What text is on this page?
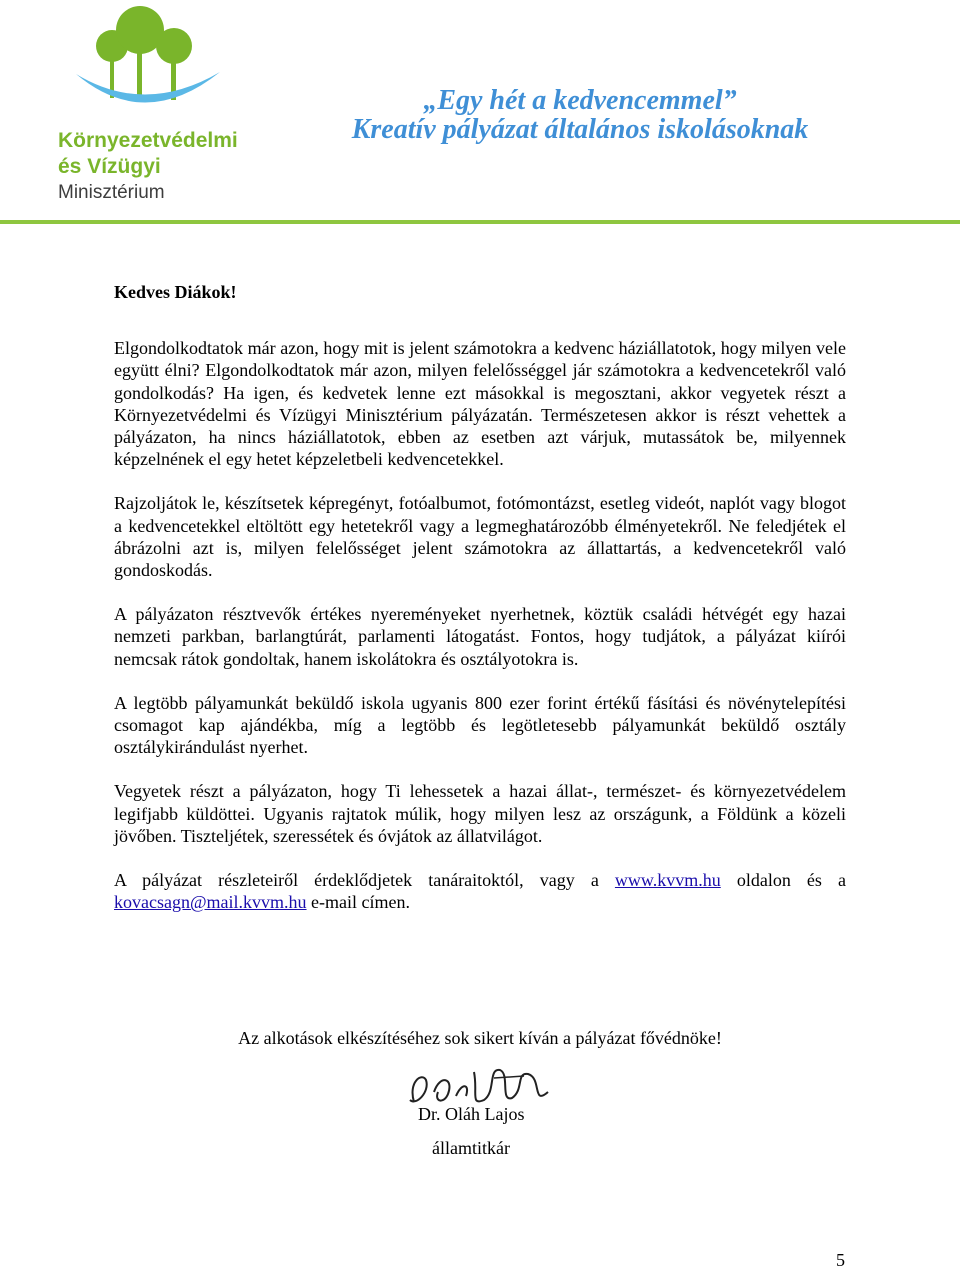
Környezetvédelmi
és Vízügyi
Minisztérium
„Egy hét a kedvencemmel”
Kreatív pályázat általános iskolásoknak

Kedves Diákok!

Elgondolkodtatok már azon, hogy mit is jelent számotokra a kedvenc háziállatotok, hogy milyen vele együtt élni? Elgondolkodtatok már azon, milyen felelősséggel jár számotokra a kedvencetekről való gondolkodás? Ha igen, és kedvetek lenne ezt másokkal is megosztani, akkor vegyetek részt a Környezetvédelmi és Vízügyi Minisztérium pályázatán. Természetesen akkor is részt vehettek a pályázaton, ha nincs háziállatotok, ebben az esetben azt várjuk, mutassátok be, milyennek képzelnének el egy hetet képzeletbeli kedvencetekkel.

Rajzoljátok le, készítsetek képregényt, fotóalbumot, fotómontázst, esetleg videót, naplót vagy blogot a kedvencetekkel eltöltött egy hetetekről vagy a legmeghatározóbb élményetekről. Ne feledjétek el ábrázolni azt is, milyen felelősséget jelent számotokra az állattartás, a kedvencetekről való gondoskodás.

A pályázaton résztvevők értékes nyereményeket nyerhetnek, köztük családi hétvégét egy hazai nemzeti parkban, barlangtúrát, parlamenti látogatást. Fontos, hogy tudjátok, a pályázat kiírói nemcsak rátok gondoltak, hanem iskolátokra és osztályotokra is.

A legtöbb pályamunkát beküldő iskola ugyanis 800 ezer forint értékű fásítási és növénytelepítési csomagot kap ajándékba, míg a legtöbb és legötletesebb pályamunkát beküldő osztály osztálykirándulást nyerhet.

Vegyetek részt a pályázaton, hogy Ti lehessetek a hazai állat-, természet- és környezetvédelem legifjabb küldöttei. Ugyanis rajtatok múlik, hogy milyen lesz az országunk, a Földünk a közeli jövőben. Tiszteljétek, szeressétek és óvjátok az állatvilágot.

A pályázat részleteiről érdeklődjetek tanáraitoktól, vagy a www.kvvm.hu oldalon és a kovacsagn@mail.kvvm.hu e-mail címen.

Az alkotások elkészítéséhez sok sikert kíván a pályázat fővédnöke!
Dr. Oláh Lajos
államtitkár
5
